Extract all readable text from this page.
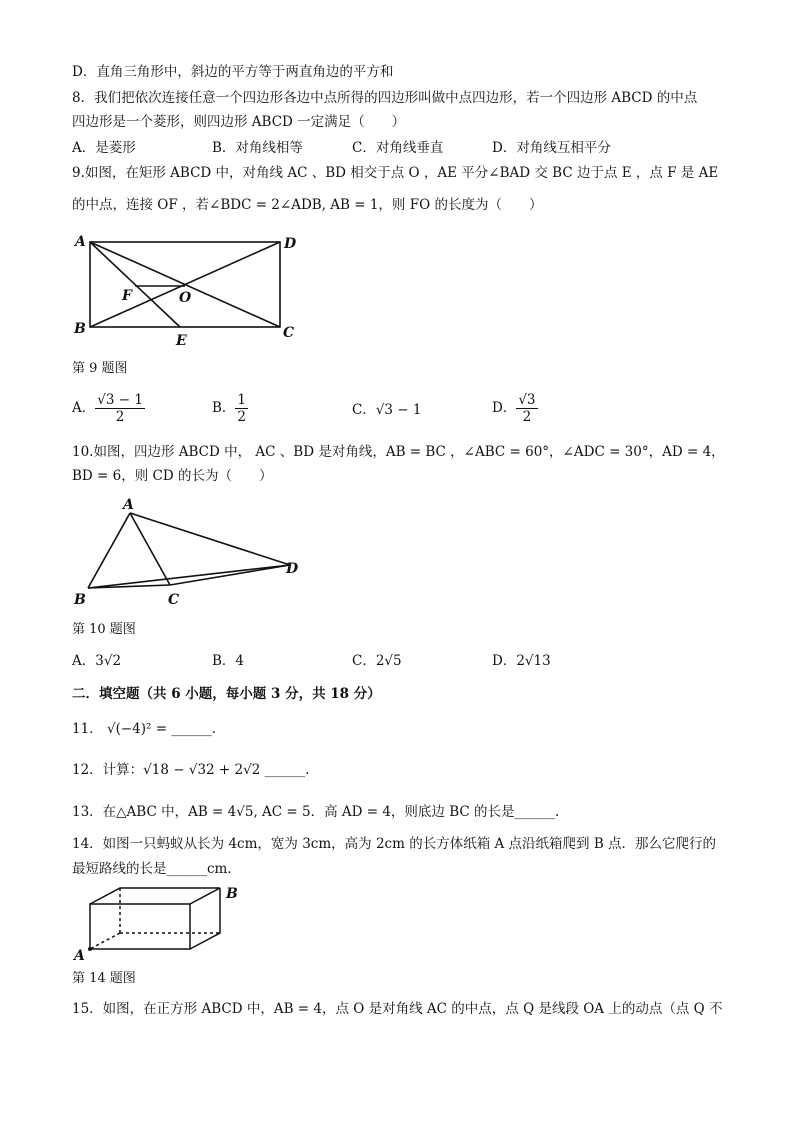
D．直角三角形中，斜边的平方等于两直角边的平方和
8．我们把依次连接任意一个四边形各边中点所得的四边形叫做中点四边形，若一个四边形 ABCD 的中点
四边形是一个菱形，则四边形 ABCD 一定满足（　　）
A．是菱形	B．对角线相等	C．对角线垂直	D．对角线互相平分
9.如图，在矩形 ABCD 中，对角线 AC 、BD 相交于点 O ，AE 平分∠BAD 交 BC 边于点 E ，点 F 是 AE
的中点，连接 OF ，若∠BDC = 2∠ADB, AB = 1，则 FO 的长度为（　　）
A	D
F	O
B
E	C
第 9 题图
A． $\frac{√3 - 1}{2}$	B． $\frac{1}{2}$	C．√3 − 1	D． $\frac{√3}{2}$
10.如图，四边形 ABCD 中， AC 、BD 是对角线，AB = BC ，∠ABC = 60°，∠ADC = 30°，AD = 4，
BD = 6，则 CD 的长为（　　）
A
D
B	C
第 10 题图
A．3√2	B．4	C．2√5	D．2√13
二．填空题（共 6 小题，每小题 3 分，共 18 分）
11． √(−4)² = ______.
12．计算：√18 − √32 + 2√2 ______.
13．在△ABC 中，AB = 4√5, AC = 5．高 AD = 4，则底边 BC 的长是______.
14．如图一只蚂蚁从长为 4cm，宽为 3cm，高为 2cm 的长方体纸箱 A 点沿纸箱爬到 B 点．那么它爬行的
最短路线的长是______cm．
B
A
第 14 题图
15．如图，在正方形 ABCD 中，AB = 4，点 O 是对角线 AC 的中点，点 Q 是线段 OA 上的动点（点 Q 不
